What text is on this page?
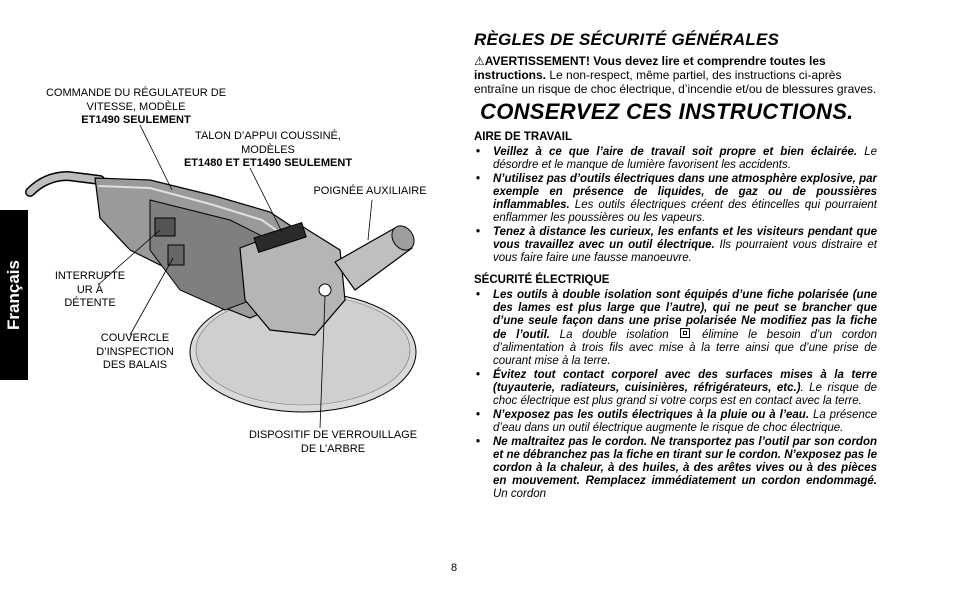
Français
COMMANDE DU RÉGULATEUR DE
VITESSE, MODÈLE
ET1490 SEULEMENT
TALON D’APPUI COUSSINÉ,
MODÈLES
ET1480 ET ET1490 SEULEMENT
POIGNÉE AUXILIAIRE
INTERRUPTE
UR À
DÉTENTE
COUVERCLE
D’INSPECTION
DES BALAIS
DISPOSITIF DE VERROUILLAGE
DE L’ARBRE
RÈGLES DE SÉCURITÉ GÉNÉRALES

⚠AVERTISSEMENT! Vous devez lire et comprendre toutes les instructions. Le non-respect, même partiel, des instructions ci-après entraîne un risque de choc électrique, d’incendie et/ou de blessures graves.

CONSERVEZ CES INSTRUCTIONS.
AIRE DE TRAVAIL
• Veillez à ce que l’aire de travail soit propre et bien éclairée. Le désordre et le manque de lumière favorisent les accidents.
• N’utilisez pas d’outils électriques dans une atmosphère explosive, par exemple en présence de liquides, de gaz ou de poussières inflammables. Les outils électriques créent des étincelles qui pourraient enflammer les poussières ou les vapeurs.
• Tenez à distance les curieux, les enfants et les visiteurs pendant que vous travaillez avec un outil électrique. Ils pourraient vous distraire et vous faire faire une fausse manoeuvre.
SÉCURITÉ ÉLECTRIQUE
• Les outils à double isolation sont équipés d’une fiche polarisée (une des lames est plus large que l’autre), qui ne peut se brancher que d’une seule façon dans une prise polarisée Ne modifiez pas la fiche de l’outil. La double isolation  élimine le besoin d’un cordon d’alimentation à trois fils avec mise à la terre ainsi que d’une prise de courant mise à la terre.
• Évitez tout contact corporel avec des surfaces mises à la terre (tuyauterie, radiateurs, cuisinières, réfrigérateurs, etc.). Le risque de choc électrique est plus grand si votre corps est en contact avec la terre.
• N’exposez pas les outils électriques à la pluie ou à l’eau. La présence d’eau dans un outil électrique augmente le risque de choc électrique.
• Ne maltraitez pas le cordon. Ne transportez pas l’outil par son cordon et ne débranchez pas la fiche en tirant sur le cordon. N’exposez pas le cordon à la chaleur, à des huiles, à des arêtes vives ou à des pièces en mouvement. Remplacez immédiatement un cordon endommagé. Un cordon
8
